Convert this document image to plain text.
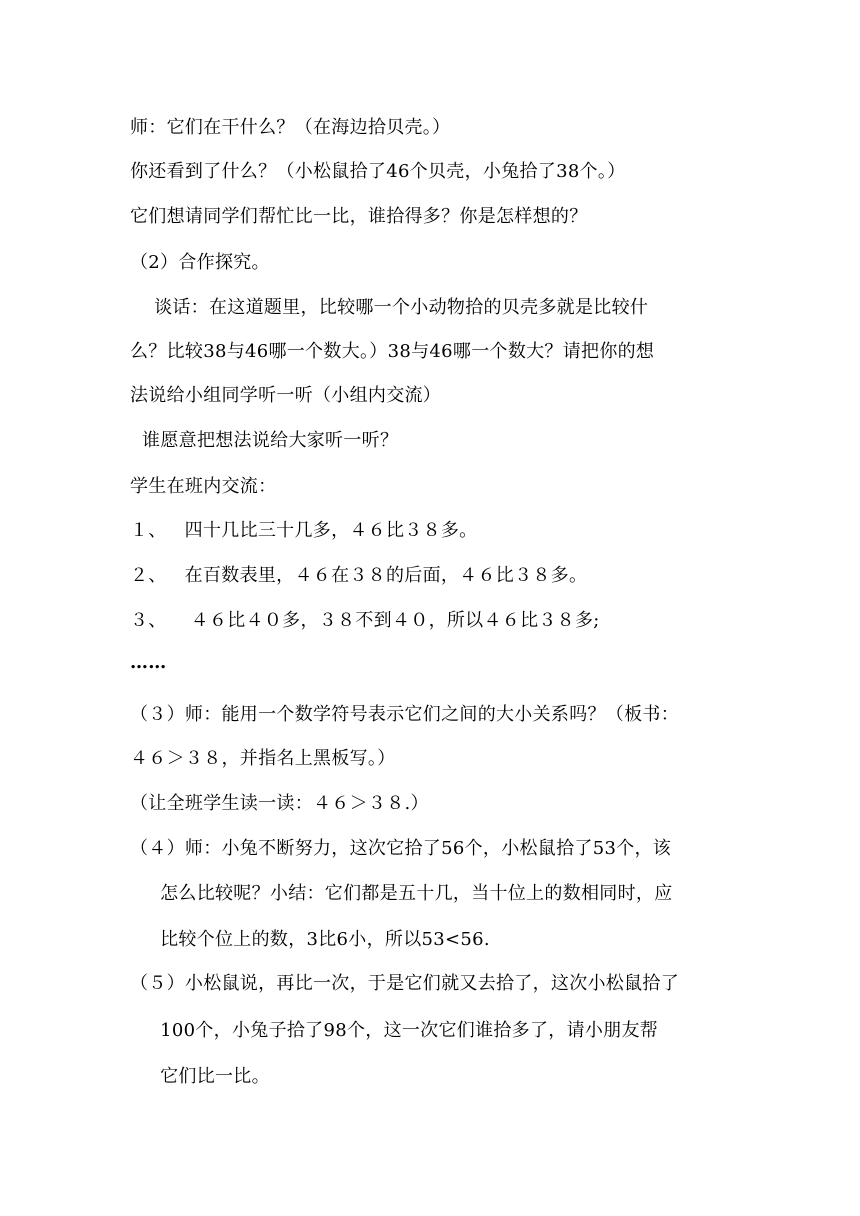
师：它们在干什么？（在海边拾贝壳。）
你还看到了什么？（小松鼠拾了46个贝壳，小兔拾了38个。）
它们想请同学们帮忙比一比，谁拾得多？你是怎样想的？
（2）合作探究。
谈话：在这道题里，比较哪一个小动物拾的贝壳多就是比较什
么？比较38与46哪一个数大。）38与46哪一个数大？请把你的想
法说给小组同学听一听（小组内交流）
谁愿意把想法说给大家听一听？
学生在班内交流：
１、   四十几比三十几多，４６比３８多。
２、   在百数表里，４６在３８的后面，４６比３８多。
３、    ４６比４０多，３８不到４０，所以４６比３８多;
……
（３）师：能用一个数学符号表示它们之间的大小关系吗？（板书：
４６＞３８，并指名上黑板写。）
（让全班学生读一读：４６＞３８.）
（４）师：小兔不断努力，这次它拾了56个，小松鼠拾了53个，该
怎么比较呢？小结：它们都是五十几，当十位上的数相同时，应
比较个位上的数，3比6小，所以53<56.
（５）小松鼠说，再比一次，于是它们就又去拾了，这次小松鼠拾了
100个，小兔子拾了98个，这一次它们谁拾多了，请小朋友帮
它们比一比。
